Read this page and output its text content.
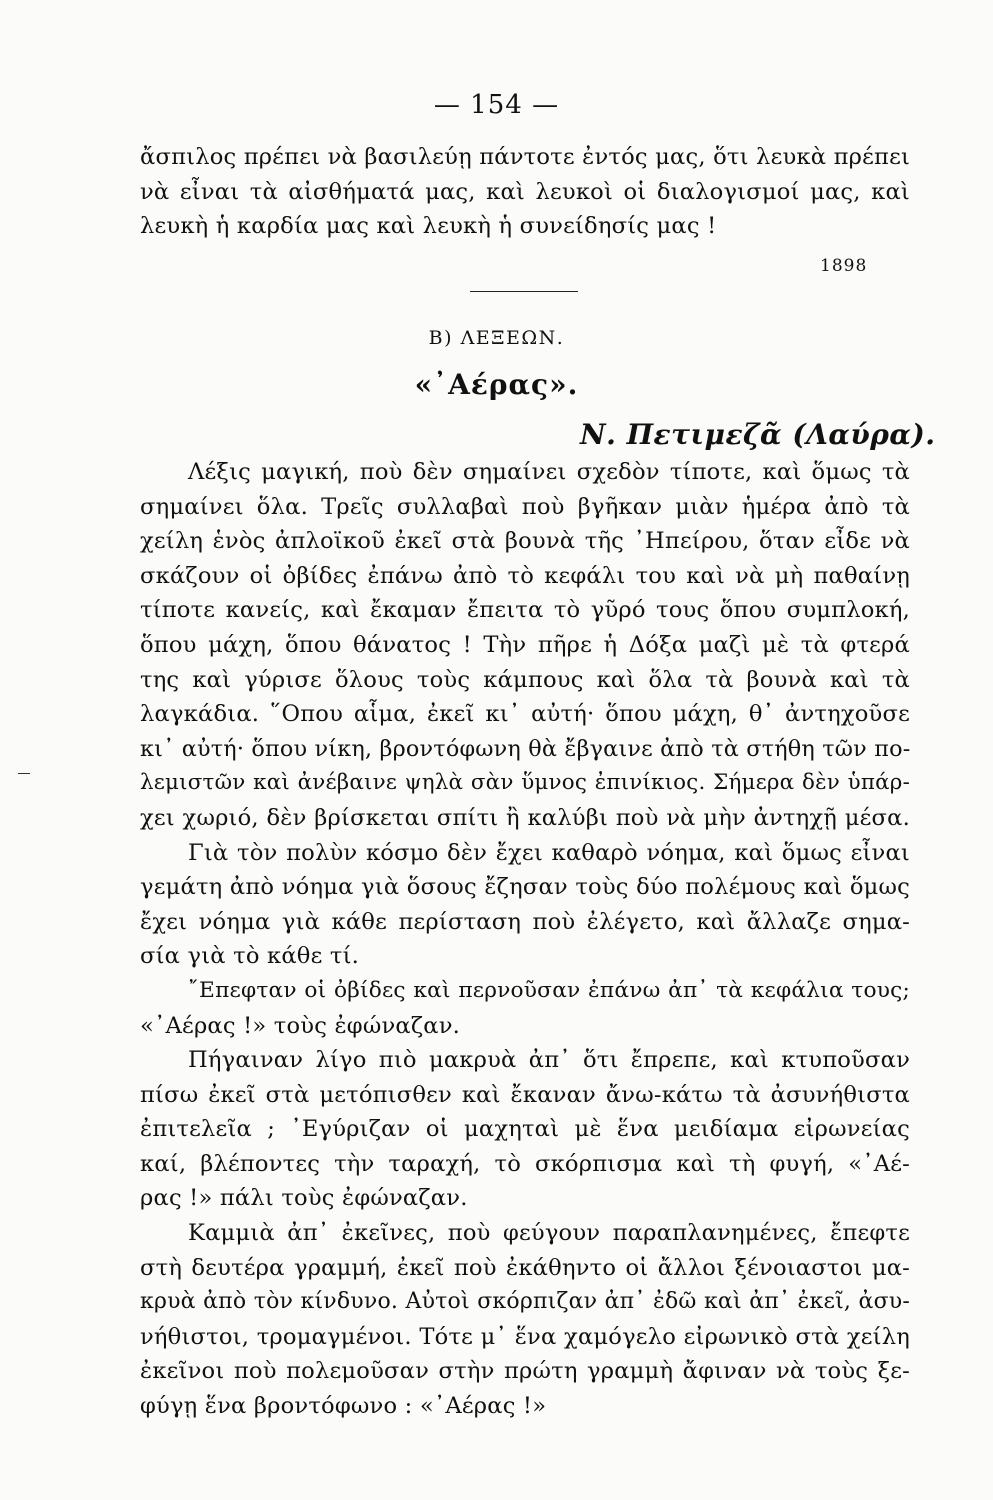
— 154 —
ἄσπιλος πρέπει νὰ βασιλεύῃ πάντοτε ἐντός μας, ὅτι λευκὰ πρέπει
νὰ εἶναι τὰ αἰσθήματά μας, καὶ λευκοὶ οἱ διαλογισμοί μας, καὶ
λευκὴ ἡ καρδία μας καὶ λευκὴ ἡ συνείδησίς μας !
1898
Β) ΛΕΞΕΩΝ.
«᾿Αέρας».
Ν. Πετιμεζᾶ (Λαύρα).
Λέξις μαγική, ποὺ δὲν σημαίνει σχεδὸν τίποτε, καὶ ὅμως τὰ
σημαίνει ὅλα. Τρεῖς συλλαβαὶ ποὺ βγῆκαν μιὰν ἡμέρα ἀπὸ τὰ
χείλη ἑνὸς ἀπλοϊκοῦ ἐκεῖ στὰ βουνὰ τῆς ᾿Ηπείρου, ὅταν εἶδε νὰ
σκάζουν οἱ ὀβίδες ἐπάνω ἀπὸ τὸ κεφάλι του καὶ νὰ μὴ παθαίνῃ
τίποτε κανείς, καὶ ἔκαμαν ἔπειτα τὸ γῦρό τους ὅπου συμπλοκή,
ὅπου μάχη, ὅπου θάνατος ! Τὴν πῆρε ἡ Δόξα μαζὶ μὲ τὰ φτερά
της καὶ γύρισε ὅλους τοὺς κάμπους καὶ ὅλα τὰ βουνὰ καὶ τὰ
λαγκάδια. ῞Οπου αἷμα, ἐκεῖ κι᾿ αὐτή· ὅπου μάχη, θ᾿ ἀντηχοῦσε
κι᾿ αὐτή· ὅπου νίκη, βροντόφωνη θὰ ἔβγαινε ἀπὸ τὰ στήθη τῶν πο-
λεμιστῶν καὶ ἀνέβαινε ψηλὰ σὰν ὕμνος ἐπινίκιος. Σήμερα δὲν ὑπάρ-
χει χωριό, δὲν βρίσκεται σπίτι ἢ καλύβι ποὺ νὰ μὴν ἀντηχῇ μέσα.
Γιὰ τὸν πολὺν κόσμο δὲν ἔχει καθαρὸ νόημα, καὶ ὅμως εἶναι
γεμάτη ἀπὸ νόημα γιὰ ὅσους ἔζησαν τοὺς δύο πολέμους καὶ ὅμως
ἔχει νόημα γιὰ κάθε περίσταση ποὺ ἐλέγετο, καὶ ἄλλαζε σημα-
σία γιὰ τὸ κάθε τί.
῎Επεφταν οἱ ὀβίδες καὶ περνοῦσαν ἐπάνω ἀπ᾿ τὰ κεφάλια τους;
«᾿Αέρας !» τοὺς ἐφώναζαν.
Πήγαιναν λίγο πιὸ μακρυὰ ἀπ᾿ ὅτι ἔπρεπε, καὶ κτυποῦσαν
πίσω ἐκεῖ στὰ μετόπισθεν καὶ ἔκαναν ἄνω-κάτω τὰ ἀσυνήθιστα
ἐπιτελεῖα ; ᾿Εγύριζαν οἱ μαχηταὶ μὲ ἕνα μειδίαμα εἰρωνείας
καί, βλέποντες τὴν ταραχή, τὸ σκόρπισμα καὶ τὴ φυγή, «᾿Αέ-
ρας !» πάλι τοὺς ἐφώναζαν.
Καμμιὰ ἀπ᾿ ἐκεῖνες, ποὺ φεύγουν παραπλανημένες, ἔπεφτε
στὴ δευτέρα γραμμή, ἐκεῖ ποὺ ἐκάθηντο οἱ ἄλλοι ξένοιαστοι μα-
κρυὰ ἀπὸ τὸν κίνδυνο. Αὐτοὶ σκόρπιζαν ἀπ᾿ ἐδῶ καὶ ἀπ᾿ ἐκεῖ, ἀσυ-
νήθιστοι, τρομαγμένοι. Τότε μ᾿ ἕνα χαμόγελο εἰρωνικὸ στὰ χείλη
ἐκεῖνοι ποὺ πολεμοῦσαν στὴν πρώτη γραμμὴ ἄφιναν νὰ τοὺς ξε-
φύγῃ ἕνα βροντόφωνο : «᾿Αέρας !»
